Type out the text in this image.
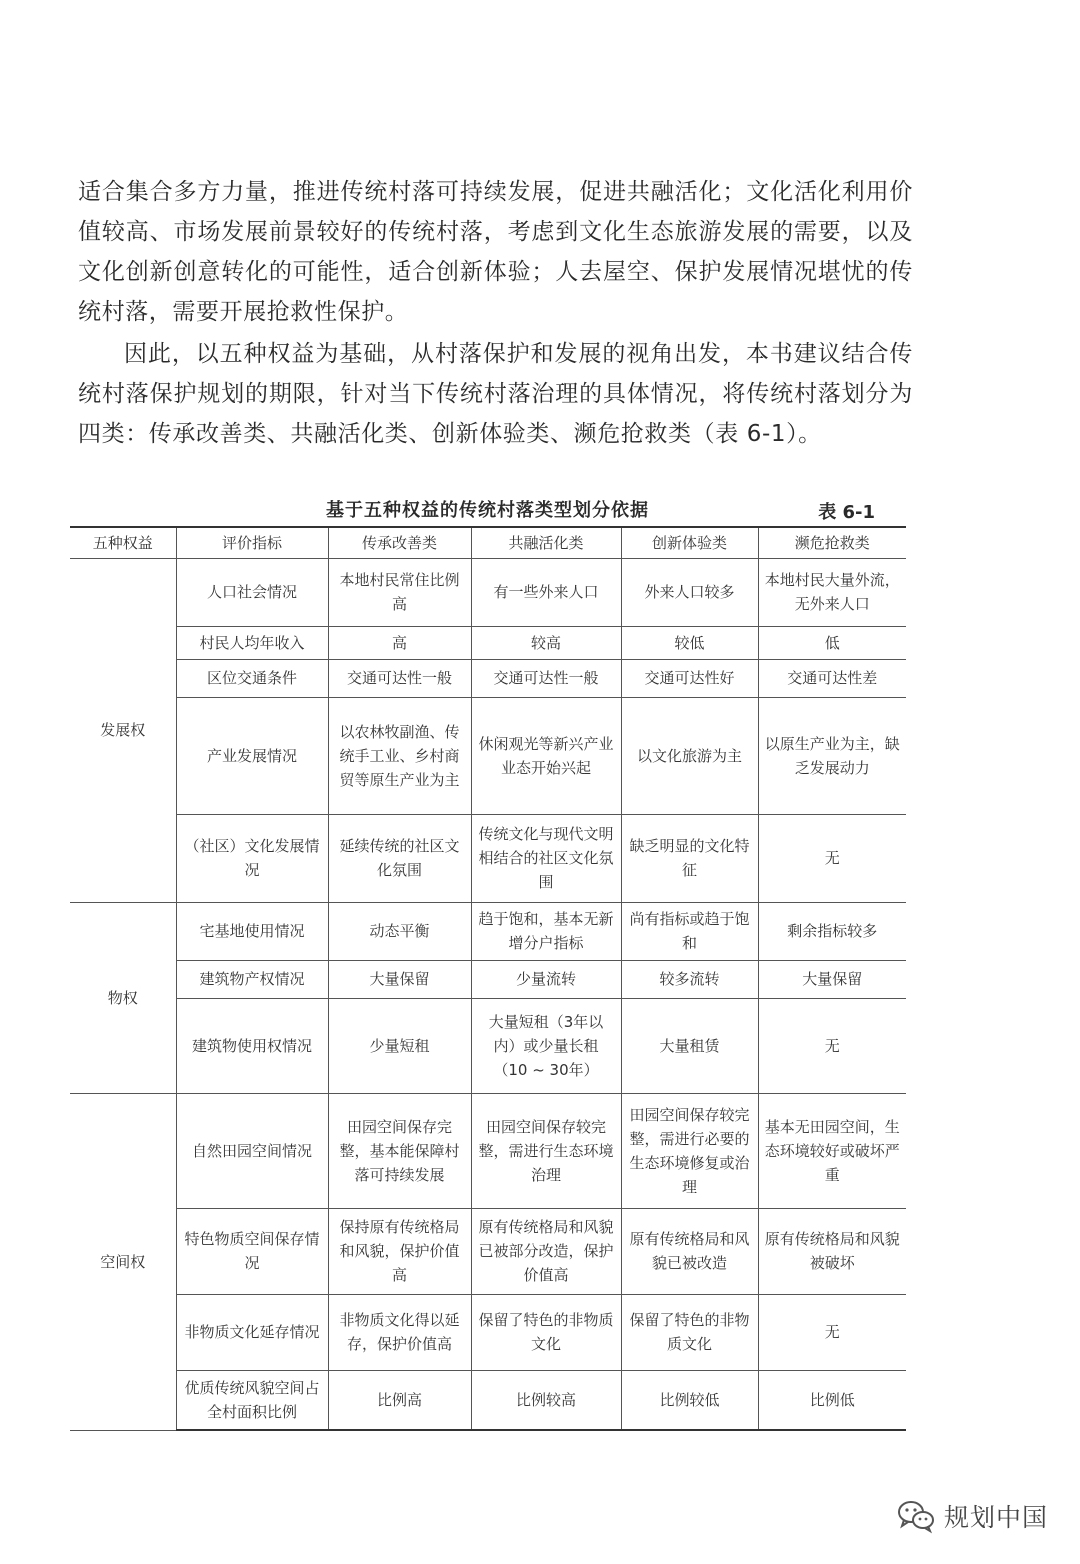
适合集合多方力量，推进传统村落可持续发展，促进共融活化；文化活化利用价值较高、市场发展前景较好的传统村落，考虑到文化生态旅游发展的需要，以及文化创新创意转化的可能性，适合创新体验；人去屋空、保护发展情况堪忧的传统村落，需要开展抢救性保护。

因此，以五种权益为基础，从村落保护和发展的视角出发，本书建议结合传统村落保护规划的期限，针对当下传统村落治理的具体情况，将传统村落划分为四类：传承改善类、共融活化类、创新体验类、濒危抢救类（表 6-1）。

基于五种权益的传统村落类型划分依据	表 6-1
五种权益	评价指标	传承改善类	共融活化类	创新体验类	濒危抢救类
发展权	人口社会情况	本地村民常住比例高	有一些外来人口	外来人口较多	本地村民大量外流，无外来人口
	村民人均年收入	高	较高	较低	低
	区位交通条件	交通可达性一般	交通可达性一般	交通可达性好	交通可达性差
	产业发展情况	以农林牧副渔、传统手工业、乡村商贸等原生产业为主	休闲观光等新兴产业业态开始兴起	以文化旅游为主	以原生产业为主，缺乏发展动力
	（社区）文化发展情况	延续传统的社区文化氛围	传统文化与现代文明相结合的社区文化氛围	缺乏明显的文化特征	无
物权	宅基地使用情况	动态平衡	趋于饱和，基本无新增分户指标	尚有指标或趋于饱和	剩余指标较多
	建筑物产权情况	大量保留	少量流转	较多流转	大量保留
	建筑物使用权情况	少量短租	大量短租（3年以内）或少量长租（10 ~ 30年）	大量租赁	无
空间权	自然田园空间情况	田园空间保存完整，基本能保障村落可持续发展	田园空间保存较完整，需进行生态环境治理	田园空间保存较完整，需进行必要的生态环境修复或治理	基本无田园空间，生态环境较好或破坏严重
	特色物质空间保存情况	保持原有传统格局和风貌，保护价值高	原有传统格局和风貌已被部分改造，保护价值高	原有传统格局和风貌已被改造	原有传统格局和风貌被破坏
	非物质文化延存情况	非物质文化得以延存，保护价值高	保留了特色的非物质文化	保留了特色的非物质文化	无
	优质传统风貌空间占全村面积比例	比例高	比例较高	比例较低	比例低
规划中国
